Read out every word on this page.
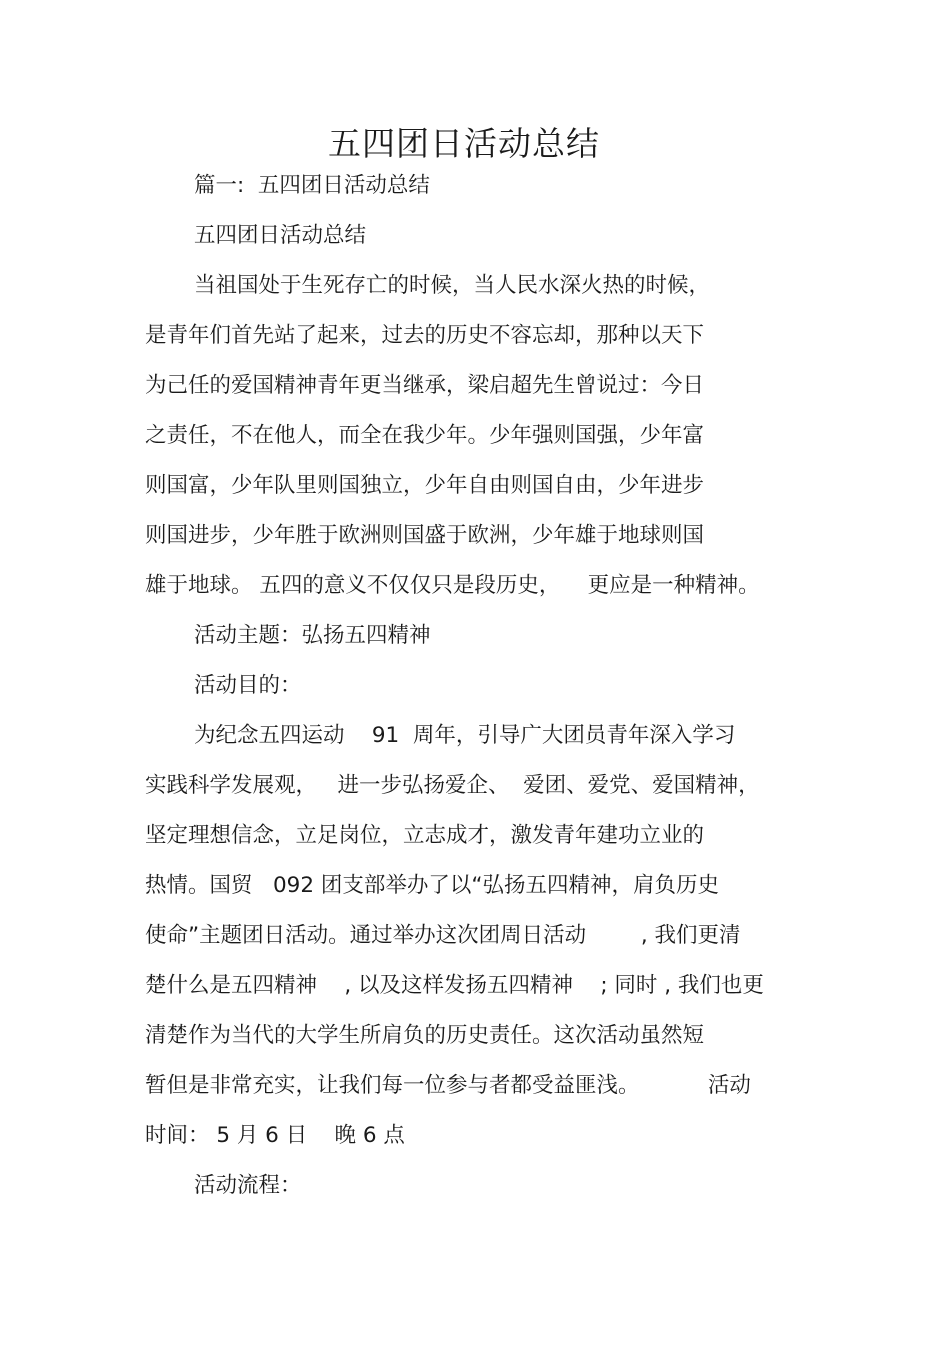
五四团日活动总结
篇一:  五四团日活动总结
五四团日活动总结
当祖国处于生死存亡的时候，当人民水深火热的时候，
是青年们首先站了起来，过去的历史不容忘却，那种以天下
为己任的爱国精神青年更当继承，梁启超先生曾说过：今日
之责任，不在他人，而全在我少年。少年强则国强，少年富
则国富，少年队里则国独立，少年自由则国自由，少年进步
则国进步，少年胜于欧洲则国盛于欧洲，少年雄于地球则国
雄于地球。 五四的意义不仅仅只是段历史，    更应是一种精神。
活动主题：弘扬五四精神
活动目的：
为纪念五四运动    91  周年，引导广大团员青年深入学习
实践科学发展观，   进一步弘扬爱企、  爱团、爱党、爱国精神，
坚定理想信念，立足岗位，立志成才，激发青年建功立业的
热情。国贸   092 团支部举办了以“弘扬五四精神，肩负历史
使命”主题团日活动。通过举办这次团周日活动        , 我们更清
楚什么是五四精神    , 以及这样发扬五四精神    ; 同时 , 我们也更
清楚作为当代的大学生所肩负的历史责任。这次活动虽然短
暂但是非常充实，让我们每一位参与者都受益匪浅。          活动
时间： 5 月 6 日    晚 6 点
活动流程：
